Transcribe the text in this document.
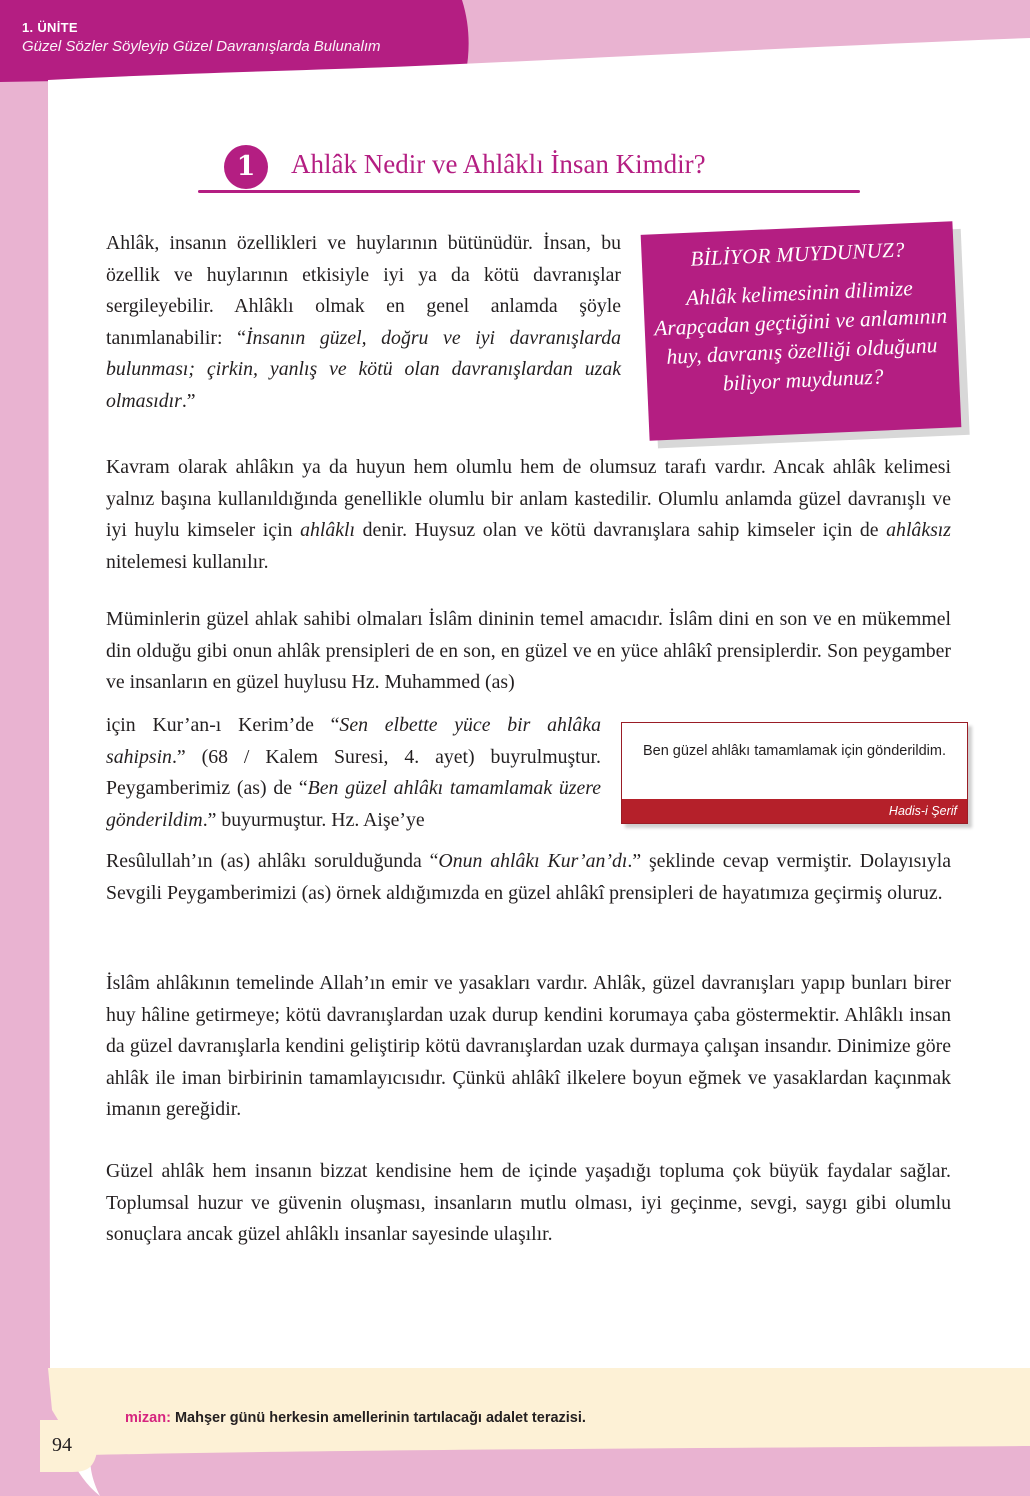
1. ÜNİTE
Güzel Sözler Söyleyip Güzel Davranışlarda Bulunalım
1	Ahlâk Nedir ve Ahlâklı İnsan Kimdir?

Ahlâk, insanın özellikleri ve huylarının bütünüdür. İnsan, bu özellik ve huylarının etkisiyle iyi ya da kötü davranışlar sergileyebilir. Ahlâklı olmak en genel anlamda şöyle tanımlanabilir: “İnsanın güzel, doğru ve iyi davranışlarda bulunması; çirkin, yanlış ve kötü olan davranışlardan uzak olmasıdır.”

BİLİYOR MUYDUNUZ?
Ahlâk kelimesinin dilimize Arapçadan geçtiğini ve anlamının huy, davranış özelliği olduğunu biliyor muydunuz?

Kavram olarak ahlâkın ya da huyun hem olumlu hem de olumsuz tarafı vardır. Ancak ahlâk kelimesi yalnız başına kullanıldığında genellikle olumlu bir anlam kastedilir. Olumlu anlamda güzel davranışlı ve iyi huylu kimseler için ahlâklı denir. Huysuz olan ve kötü davranışlara sahip kimseler için de ahlâksız nitelemesi kullanılır.

Müminlerin güzel ahlak sahibi olmaları İslâm dininin temel amacıdır. İslâm dini en son ve en mükemmel din olduğu gibi onun ahlâk prensipleri de en son, en güzel ve en yüce ahlâkî prensiplerdir. Son peygamber ve insanların en güzel huylusu Hz. Muhammed (as)

için Kur’an-ı Kerim’de “Sen elbette yüce bir ahlâka sahipsin.” (68 / Kalem Suresi, 4. ayet) buyrulmuştur. Peygamberimiz (as) de “Ben güzel ahlâkı tamamlamak üzere gönderildim.” buyurmuştur. Hz. Aişe’ye

Ben güzel ahlâkı tamamlamak için gönderildim.
Hadis-i Şerif

Resûlullah’ın (as) ahlâkı sorulduğunda “Onun ahlâkı Kur’an’dı.” şeklinde cevap vermiştir. Dolayısıyla Sevgili Peygamberimizi (as) örnek aldığımızda en güzel ahlâkî prensipleri de hayatımıza geçirmiş oluruz.

İslâm ahlâkının temelinde Allah’ın emir ve yasakları vardır. Ahlâk, güzel davranışları yapıp bunları birer huy hâline getirmeye; kötü davranışlardan uzak durup kendini korumaya çaba göstermektir. Ahlâklı insan da güzel davranışlarla kendini geliştirip kötü davranışlardan uzak durmaya çalışan insandır. Dinimize göre ahlâk ile iman birbirinin tamamlayıcısıdır. Çünkü ahlâkî ilkelere boyun eğmek ve yasaklardan kaçınmak imanın gereğidir.

Güzel ahlâk hem insanın bizzat kendisine hem de içinde yaşadığı topluma çok büyük faydalar sağlar. Toplumsal huzur ve güvenin oluşması, insanların mutlu olması, iyi geçinme, sevgi, saygı gibi olumlu sonuçlara ancak güzel ahlâklı insanlar sayesinde ulaşılır.

mizan: Mahşer günü herkesin amellerinin tartılacağı adalet terazisi.
94
